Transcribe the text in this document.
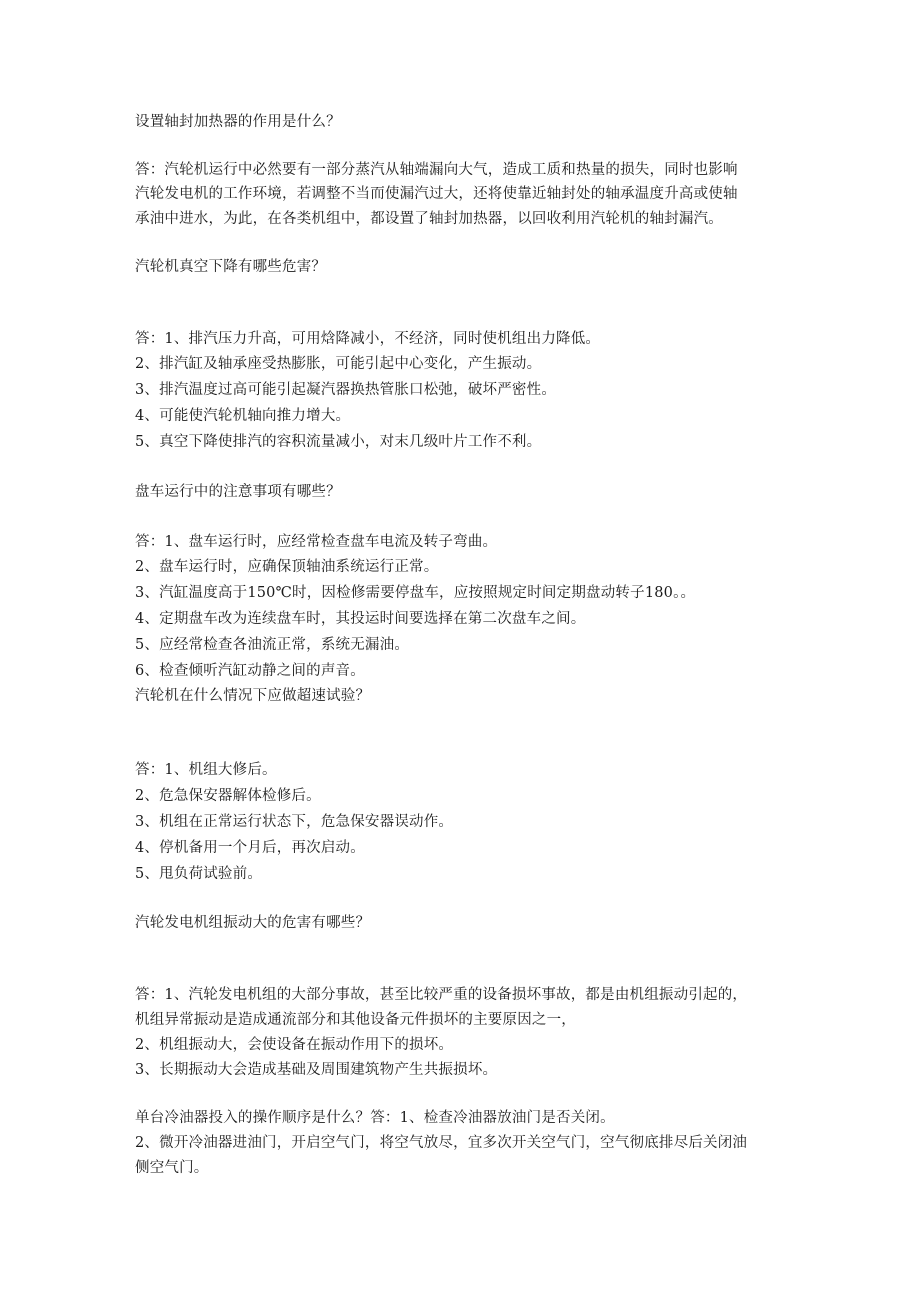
设置轴封加热器的作用是什么？
答：汽轮机运行中必然要有一部分蒸汽从轴端漏向大气，造成工质和热量的损失，同时也影响
汽轮发电机的工作环境，若调整不当而使漏汽过大，还将使靠近轴封处的轴承温度升高或使轴
承油中进水，为此，在各类机组中，都设置了轴封加热器，以回收利用汽轮机的轴封漏汽。
汽轮机真空下降有哪些危害？
答：1、排汽压力升高，可用焓降减小，不经济，同时使机组出力降低。
2、排汽缸及轴承座受热膨胀，可能引起中心变化，产生振动。
3、排汽温度过高可能引起凝汽器换热管胀口松弛，破坏严密性。
4、可能使汽轮机轴向推力增大。
5、真空下降使排汽的容积流量减小，对末几级叶片工作不利。
盘车运行中的注意事项有哪些？
答：1、盘车运行时，应经常检查盘车电流及转子弯曲。
2、盘车运行时，应确保顶轴油系统运行正常。
3、汽缸温度高于150℃时，因检修需要停盘车，应按照规定时间定期盘动转子180。。
4、定期盘车改为连续盘车时，其投运时间要选择在第二次盘车之间。
5、应经常检查各油流正常，系统无漏油。
6、检查倾听汽缸动静之间的声音。
汽轮机在什么情况下应做超速试验？
答：1、机组大修后。
2、危急保安器解体检修后。
3、机组在正常运行状态下，危急保安器误动作。
4、停机备用一个月后，再次启动。
5、甩负荷试验前。
汽轮发电机组振动大的危害有哪些？
答：1、汽轮发电机组的大部分事故，甚至比较严重的设备损坏事故，都是由机组振动引起的，
机组异常振动是造成通流部分和其他设备元件损坏的主要原因之一，
2、机组振动大，会使设备在振动作用下的损坏。
3、长期振动大会造成基础及周围建筑物产生共振损坏。
单台冷油器投入的操作顺序是什么？答：1、检查冷油器放油门是否关闭。
2、微开冷油器进油门，开启空气门，将空气放尽，宜多次开关空气门，空气彻底排尽后关闭油
侧空气门。
